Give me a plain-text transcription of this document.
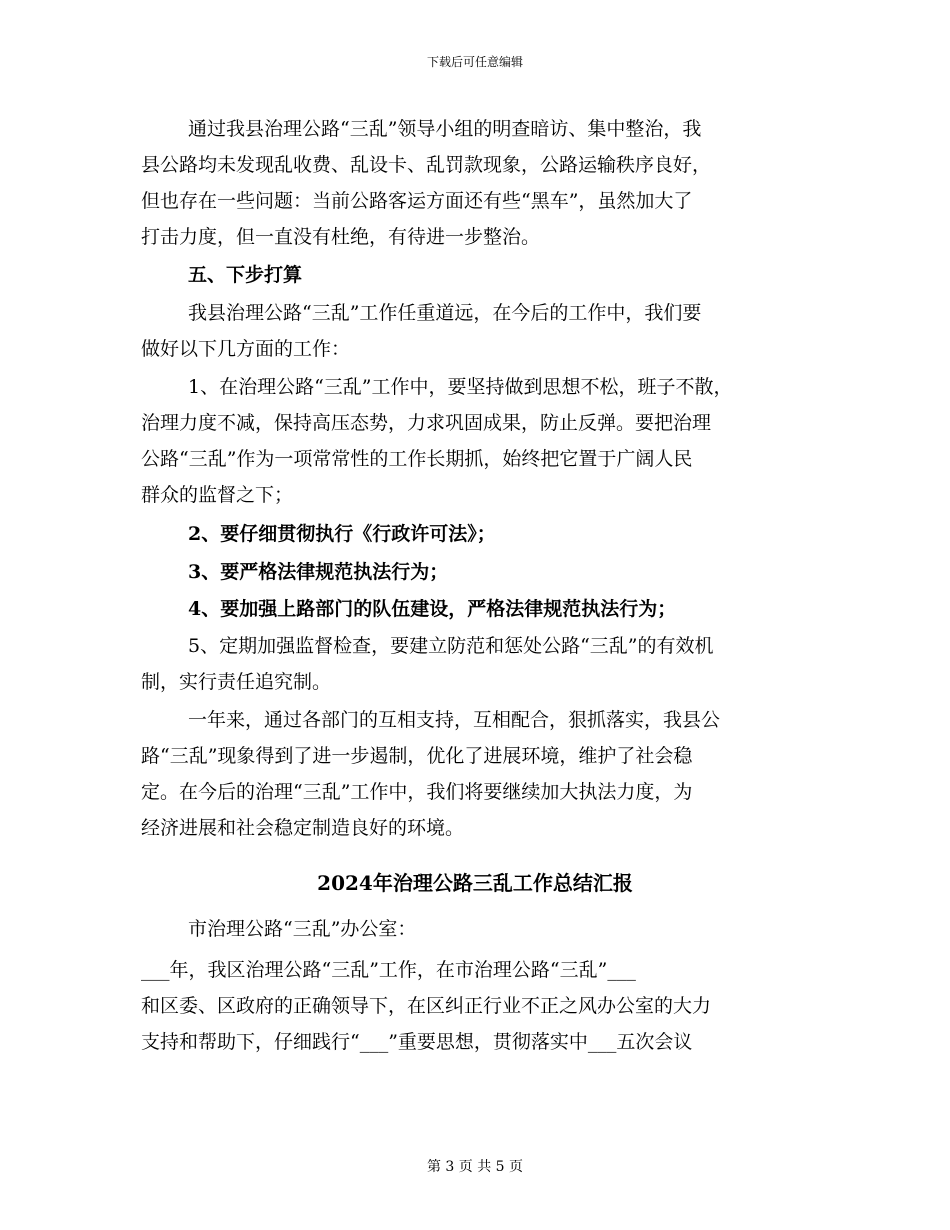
下载后可任意编辑
通过我县治理公路“三乱”领导小组的明查暗访、集中整治，我
县公路均未发现乱收费、乱设卡、乱罚款现象，公路运输秩序良好，
但也存在一些问题：当前公路客运方面还有些“黑车”，虽然加大了
打击力度，但一直没有杜绝，有待进一步整治。
五、下步打算
我县治理公路“三乱”工作任重道远，在今后的工作中，我们要
做好以下几方面的工作：
1、在治理公路“三乱”工作中，要坚持做到思想不松，班子不散，
治理力度不减，保持高压态势，力求巩固成果，防止反弹。要把治理
公路“三乱”作为一项常常性的工作长期抓，始终把它置于广阔人民
群众的监督之下；
2、要仔细贯彻执行《行政许可法》；
3、要严格法律规范执法行为；
4、要加强上路部门的队伍建设，严格法律规范执法行为；
5、定期加强监督检查，要建立防范和惩处公路“三乱”的有效机
制，实行责任追究制。
一年来，通过各部门的互相支持，互相配合，狠抓落实，我县公
路“三乱”现象得到了进一步遏制，优化了进展环境，维护了社会稳
定。在今后的治理“三乱”工作中，我们将要继续加大执法力度，为
经济进展和社会稳定制造良好的环境。
2024年治理公路三乱工作总结汇报
市治理公路“三乱”办公室：
___年，我区治理公路“三乱”工作，在市治理公路“三乱”___
和区委、区政府的正确领导下，在区纠正行业不正之风办公室的大力
支持和帮助下，仔细践行“___”重要思想，贯彻落实中___五次会议
第 3 页 共 5 页
